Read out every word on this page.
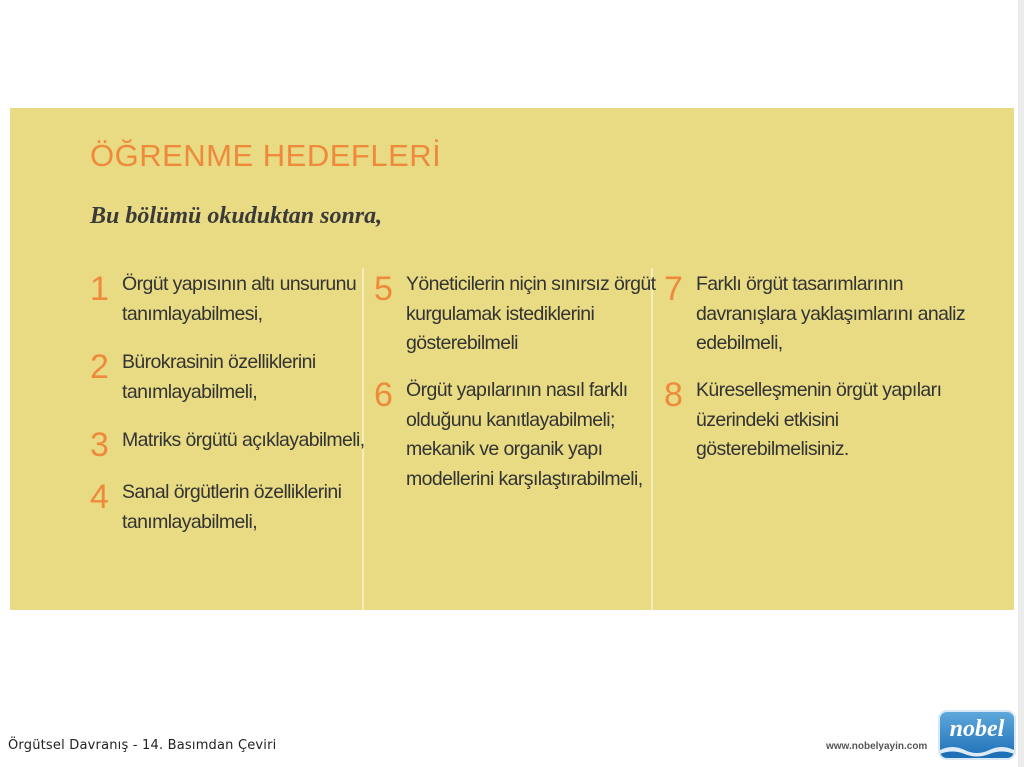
ÖĞRENME HEDEFLERİ
Bu bölümü okuduktan sonra,
1 Örgüt yapısının altı unsurunu
tanımlayabilmesi,
2 Bürokrasinin özelliklerini
tanımlayabilmeli,
3 Matriks örgütü açıklayabilmeli,
4 Sanal örgütlerin özelliklerini
tanımlayabilmeli,
5 Yöneticilerin niçin sınırsız örgüt
kurgulamak istediklerini
gösterebilmeli
6 Örgüt yapılarının nasıl farklı
olduğunu kanıtlayabilmeli;
mekanik ve organik yapı
modellerini karşılaştırabilmeli,
7 Farklı örgüt tasarımlarının
davranışlara yaklaşımlarını analiz
edebilmeli,
8 Küreselleşmenin örgüt yapıları
üzerindeki etkisini
gösterebilmelisiniz.
Örgütsel Davranış - 14. Basımdan Çeviri	www.nobelyayin.com
nobel
